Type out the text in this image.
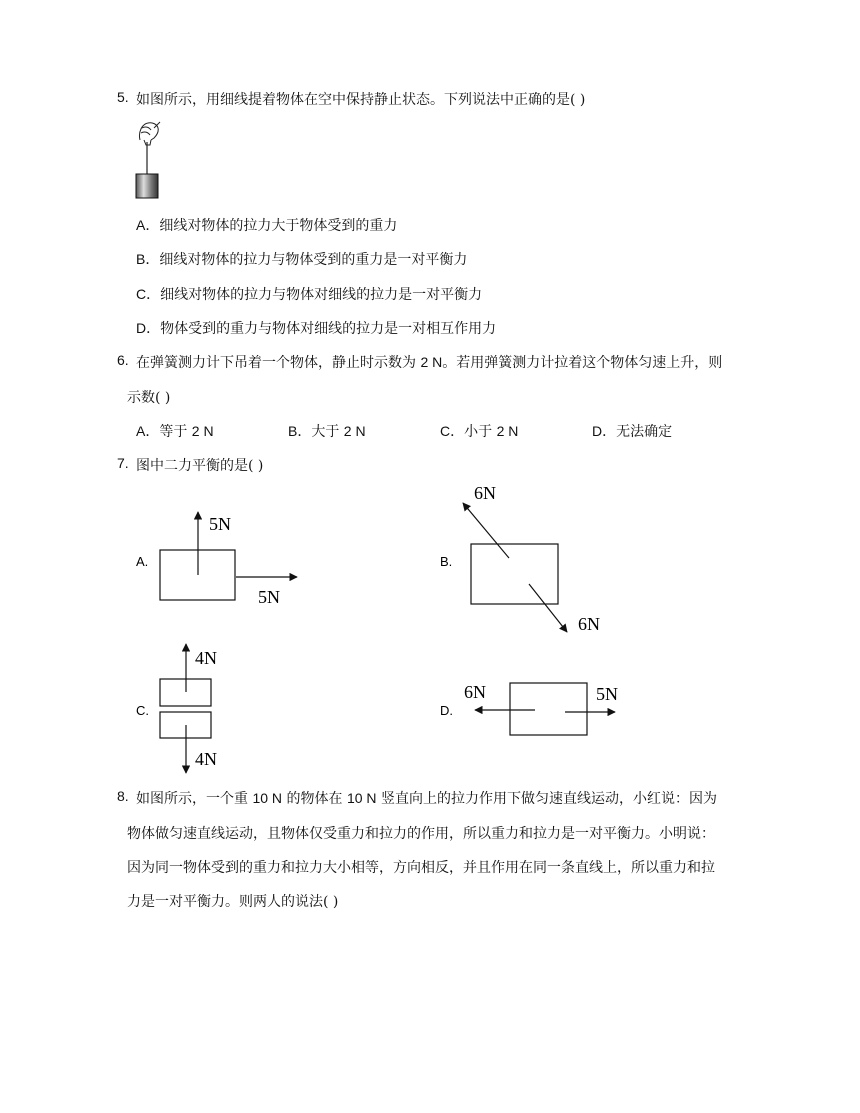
5. 如图所示，用细线提着物体在空中保持静止状态。下列说法中正确的是( )
A．细线对物体的拉力大于物体受到的重力
B．细线对物体的拉力与物体受到的重力是一对平衡力
C．细线对物体的拉力与物体对细线的拉力是一对平衡力
D．物体受到的重力与物体对细线的拉力是一对相互作用力
6. 在弹簧测力计下吊着一个物体，静止时示数为 2 N。若用弹簧测力计拉着这个物体匀速上升，则
示数( )
A．等于 2 N	B．大于 2 N	C．小于 2 N	D．无法确定
7. 图中二力平衡的是( )
A.
5N
5N
B.
6N
6N
C.
4N
4N
D.
6N	5N
8. 如图所示，一个重 10 N 的物体在 10 N 竖直向上的拉力作用下做匀速直线运动，小红说：因为
物体做匀速直线运动，且物体仅受重力和拉力的作用，所以重力和拉力是一对平衡力。小明说：
因为同一物体受到的重力和拉力大小相等，方向相反，并且作用在同一条直线上，所以重力和拉
力是一对平衡力。则两人的说法( )
